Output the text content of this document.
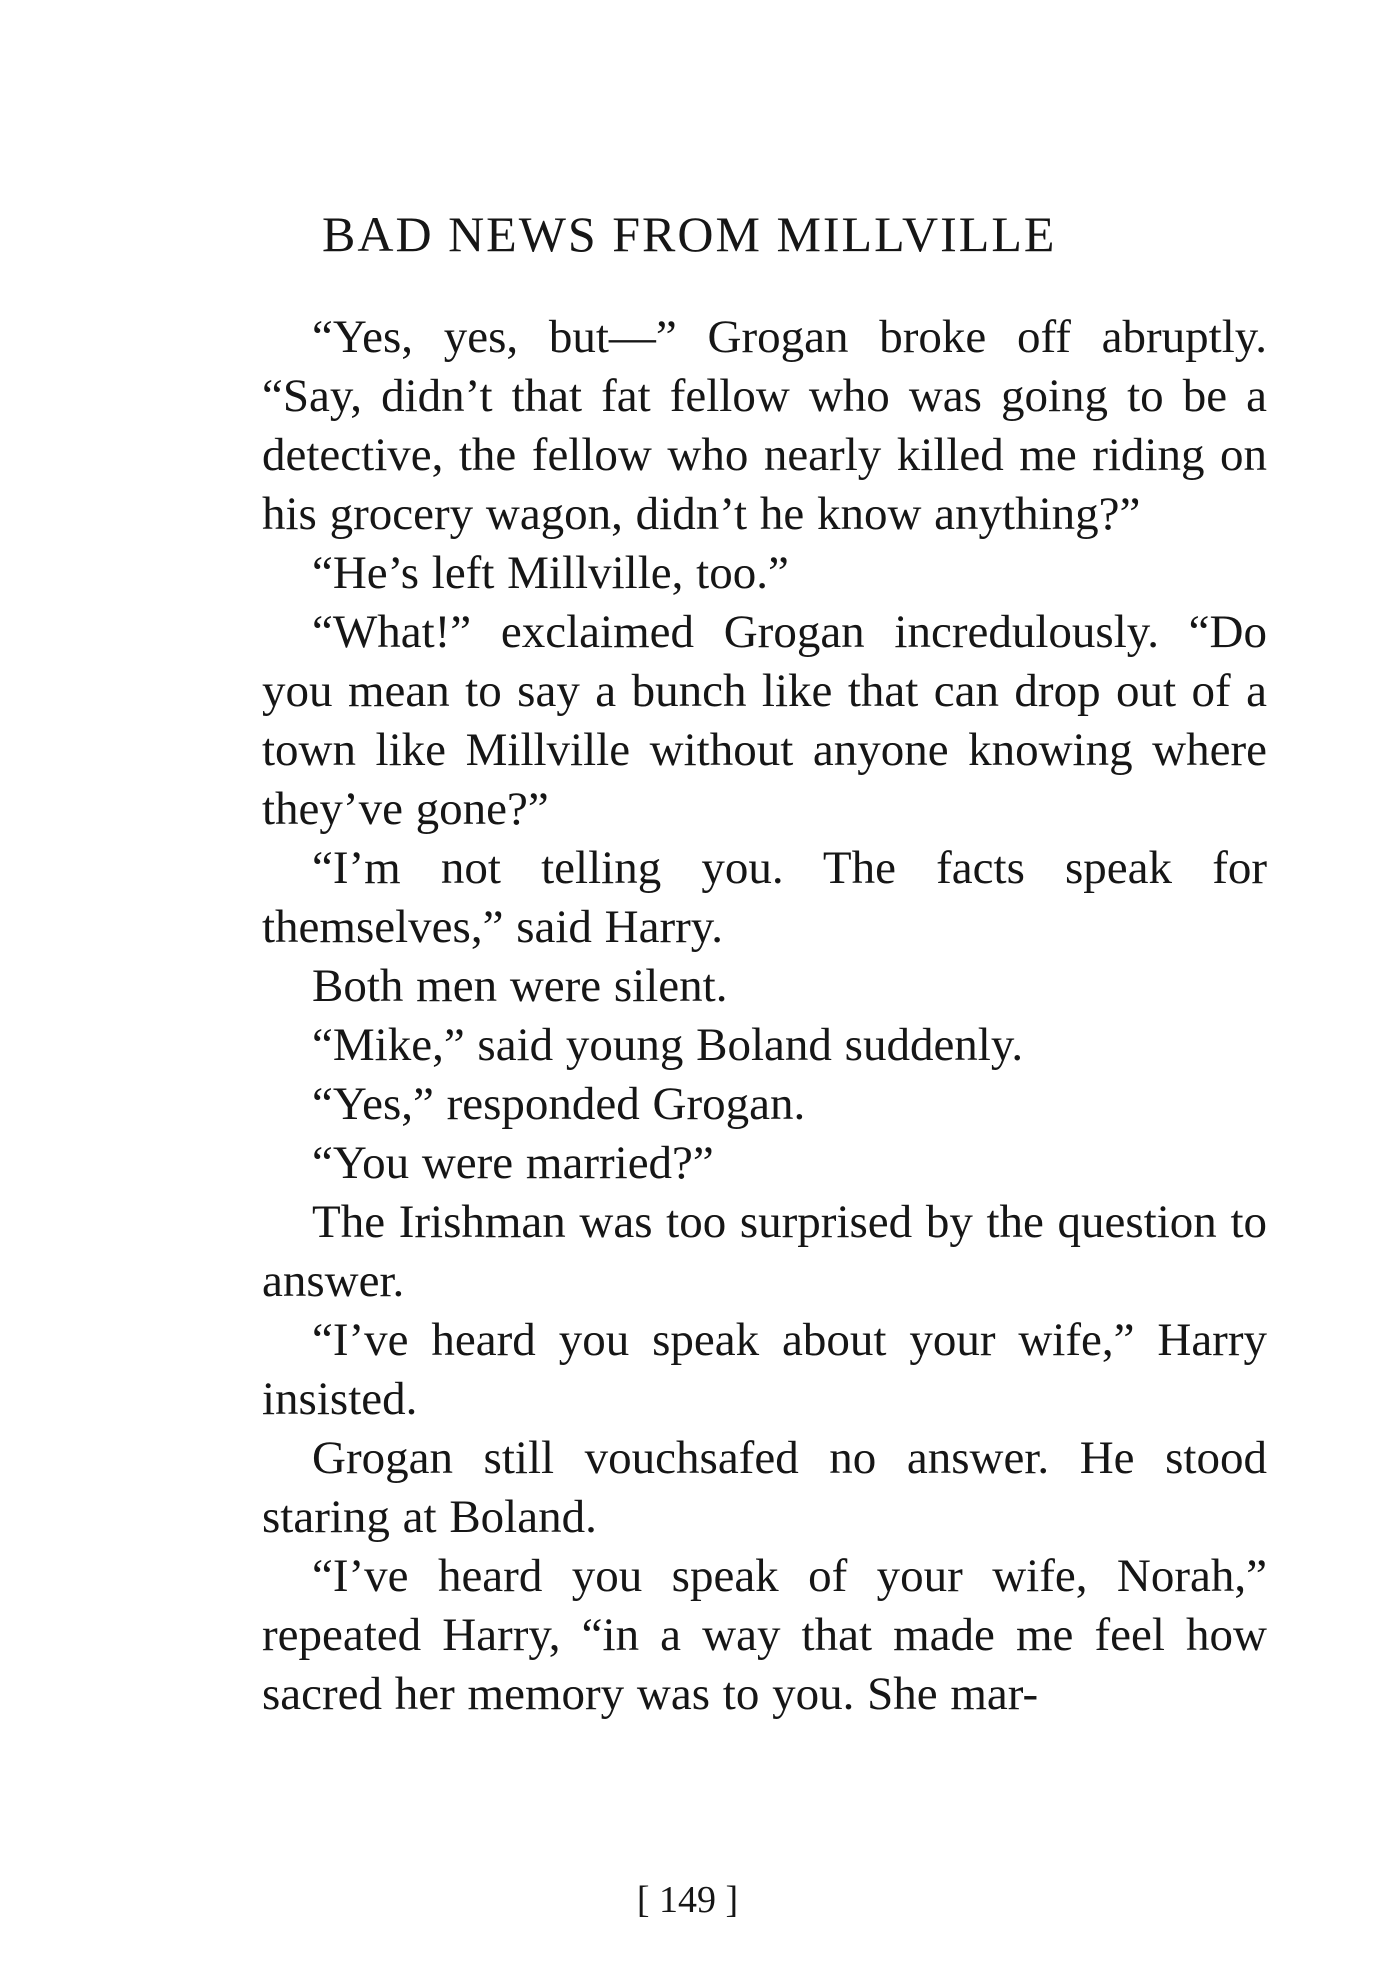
BAD NEWS FROM MILLVILLE

“Yes, yes, but—” Grogan broke off abruptly. “Say, didn’t that fat fellow who was going to be a detective, the fellow who nearly killed me riding on his grocery wagon, didn’t he know anything?”

“He’s left Millville, too.”

“What!” exclaimed Grogan incredulously. “Do you mean to say a bunch like that can drop out of a town like Millville without anyone knowing where they’ve gone?”

“I’m not telling you. The facts speak for themselves,” said Harry.

Both men were silent.

“Mike,” said young Boland suddenly.

“Yes,” responded Grogan.

“You were married?”

The Irishman was too surprised by the question to answer.

“I’ve heard you speak about your wife,” Harry insisted.

Grogan still vouchsafed no answer. He stood staring at Boland.

“I’ve heard you speak of your wife, Norah,” repeated Harry, “in a way that made me feel how sacred her memory was to you. She mar-

[ 149 ]
